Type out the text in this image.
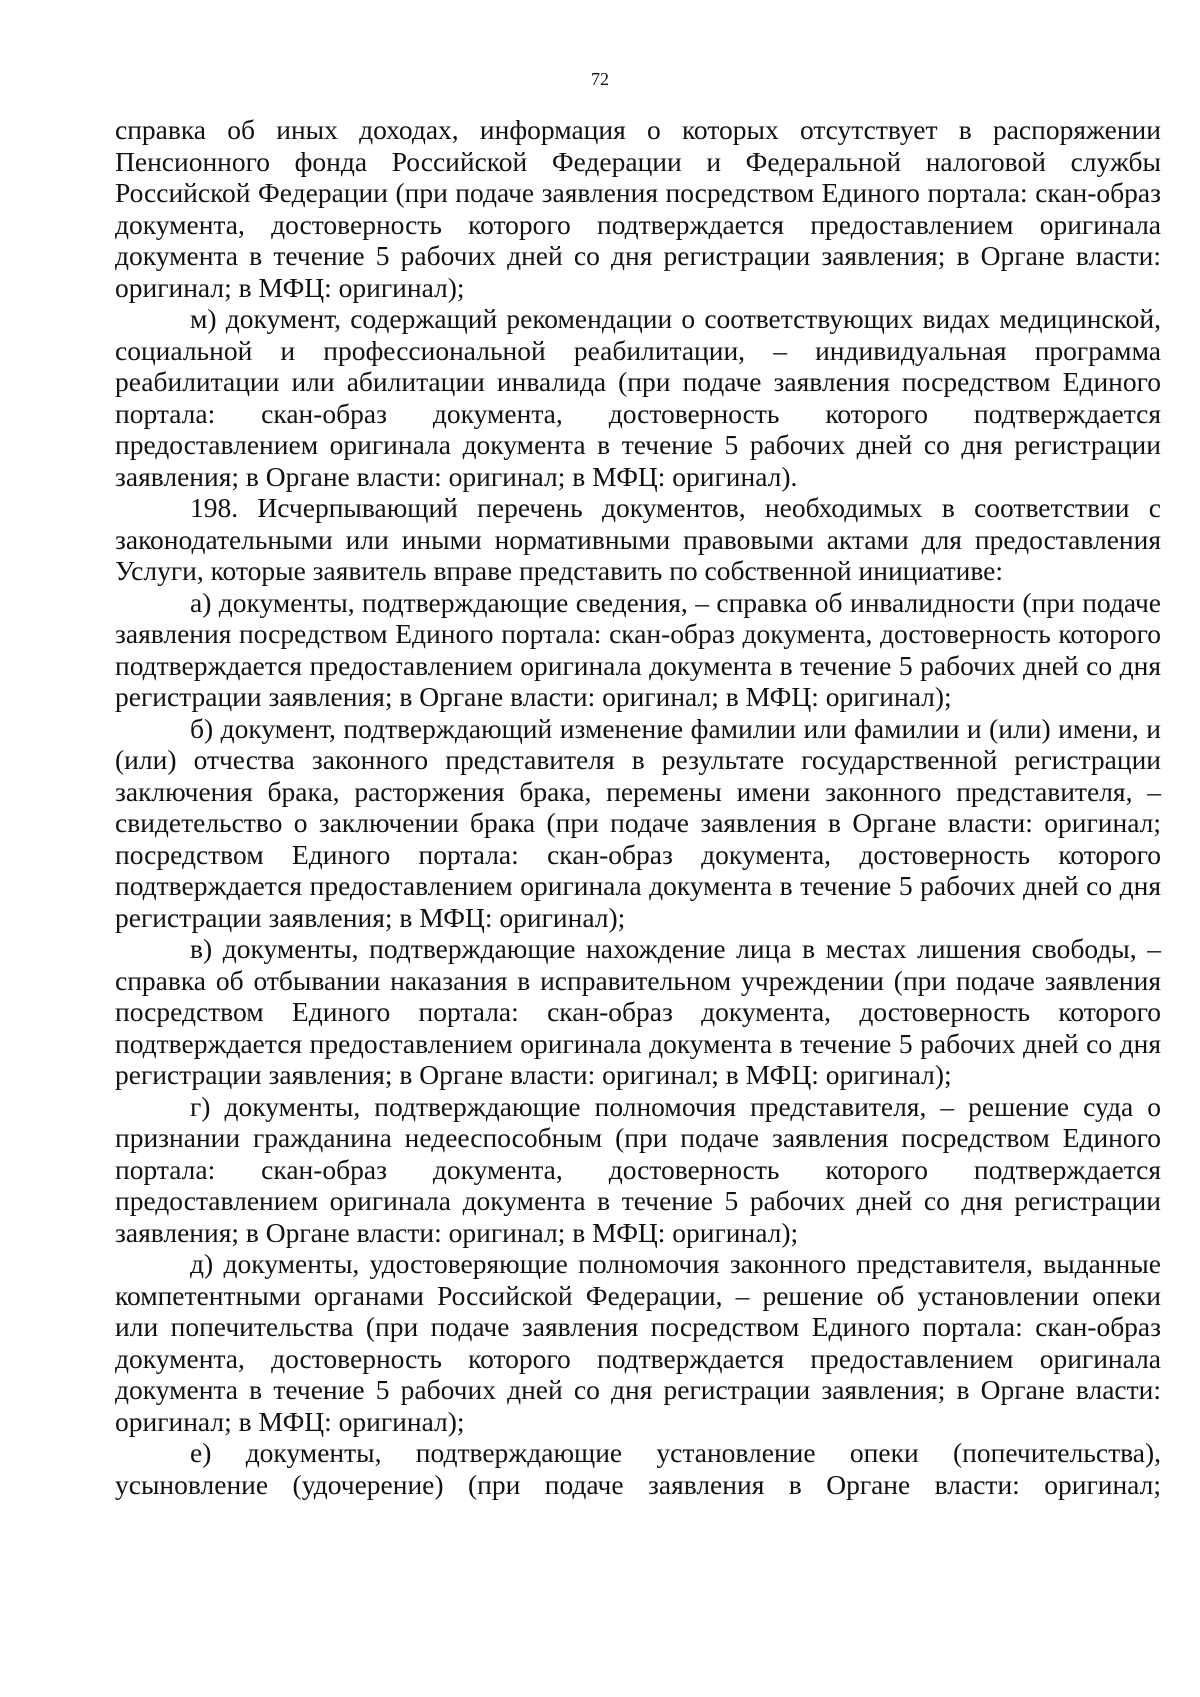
72

справка об иных доходах, информация о которых отсутствует в распоряжении Пенсионного фонда Российской Федерации и Федеральной налоговой службы Российской Федерации (при подаче заявления посредством Единого портала: скан-образ документа, достоверность которого подтверждается предоставлением оригинала документа в течение 5 рабочих дней со дня регистрации заявления; в Органе власти: оригинал; в МФЦ: оригинал);

м) документ, содержащий рекомендации о соответствующих видах медицинской, социальной и профессиональной реабилитации, – индивидуальная программа реабилитации или абилитации инвалида (при подаче заявления посредством Единого портала: скан-образ документа, достоверность которого подтверждается предоставлением оригинала документа в течение 5 рабочих дней со дня регистрации заявления; в Органе власти: оригинал; в МФЦ: оригинал).

198. Исчерпывающий перечень документов, необходимых в соответствии с законодательными или иными нормативными правовыми актами для предоставления Услуги, которые заявитель вправе представить по собственной инициативе:

а) документы, подтверждающие сведения, – справка об инвалидности (при подаче заявления посредством Единого портала: скан-образ документа, достоверность которого подтверждается предоставлением оригинала документа в течение 5 рабочих дней со дня регистрации заявления; в Органе власти: оригинал; в МФЦ: оригинал);

б) документ, подтверждающий изменение фамилии или фамилии и (или) имени, и (или) отчества законного представителя в результате государственной регистрации заключения брака, расторжения брака, перемены имени законного представителя, – свидетельство о заключении брака (при подаче заявления в Органе власти: оригинал; посредством Единого портала: скан-образ документа, достоверность которого подтверждается предоставлением оригинала документа в течение 5 рабочих дней со дня регистрации заявления; в МФЦ: оригинал);

в) документы, подтверждающие нахождение лица в местах лишения свободы, – справка об отбывании наказания в исправительном учреждении (при подаче заявления посредством Единого портала: скан-образ документа, достоверность которого подтверждается предоставлением оригинала документа в течение 5 рабочих дней со дня регистрации заявления; в Органе власти: оригинал; в МФЦ: оригинал);

г) документы, подтверждающие полномочия представителя, – решение суда о признании гражданина недееспособным (при подаче заявления посредством Единого портала: скан-образ документа, достоверность которого подтверждается предоставлением оригинала документа в течение 5 рабочих дней со дня регистрации заявления; в Органе власти: оригинал; в МФЦ: оригинал);

д) документы, удостоверяющие полномочия законного представителя, выданные компетентными органами Российской Федерации, – решение об установлении опеки или попечительства (при подаче заявления посредством Единого портала: скан-образ документа, достоверность которого подтверждается предоставлением оригинала документа в течение 5 рабочих дней со дня регистрации заявления; в Органе власти: оригинал; в МФЦ: оригинал);

е) документы, подтверждающие установление опеки (попечительства), усыновление (удочерение) (при подаче заявления в Органе власти: оригинал;
